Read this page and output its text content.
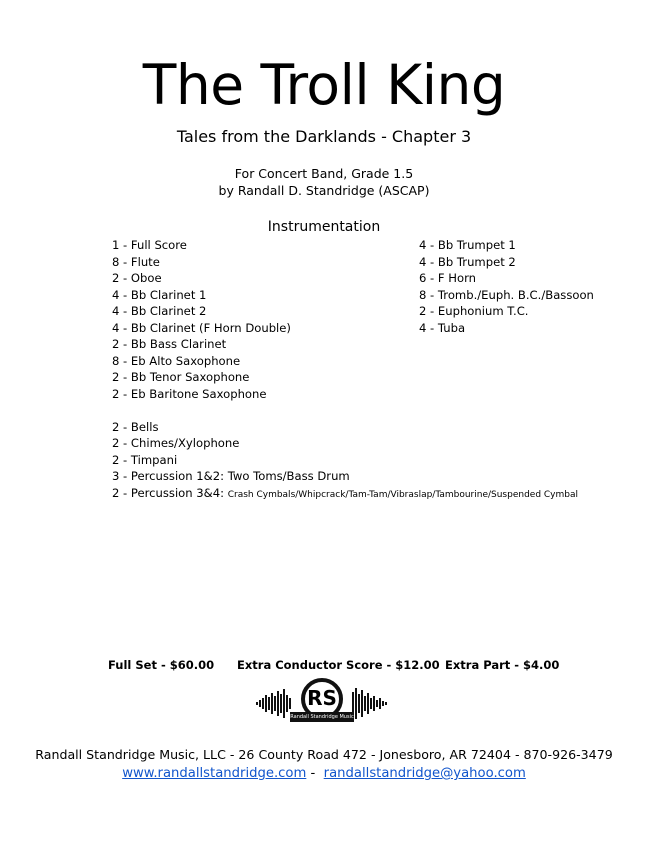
The Troll King
Tales from the Darklands - Chapter 3
For Concert Band, Grade 1.5
by Randall D. Standridge (ASCAP)
Instrumentation
1 - Full Score
8 - Flute
2 - Oboe
4 - Bb Clarinet 1
4 - Bb Clarinet 2
4 - Bb Clarinet (F Horn Double)
2 - Bb Bass Clarinet
8 - Eb Alto Saxophone
2 - Bb Tenor Saxophone
2 - Eb Baritone Saxophone
2 - Bells
2 - Chimes/Xylophone
2 - Timpani
3 - Percussion 1&2: Two Toms/Bass Drum
2 - Percussion 3&4: Crash Cymbals/Whipcrack/Tam-Tam/Vibraslap/Tambourine/Suspended Cymbal
4 - Bb Trumpet 1
4 - Bb Trumpet 2
6 - F Horn
8 - Tromb./Euph. B.C./Bassoon
2 - Euphonium T.C.
4 - Tuba
Full Set - $60.00 Extra Conductor Score - $12.00 Extra Part - $4.00
RS
Randall Standridge Music
Randall Standridge Music, LLC - 26 County Road 472 - Jonesboro, AR 72404 - 870-926-3479
www.randallstandridge.com -  randallstandridge@yahoo.com
